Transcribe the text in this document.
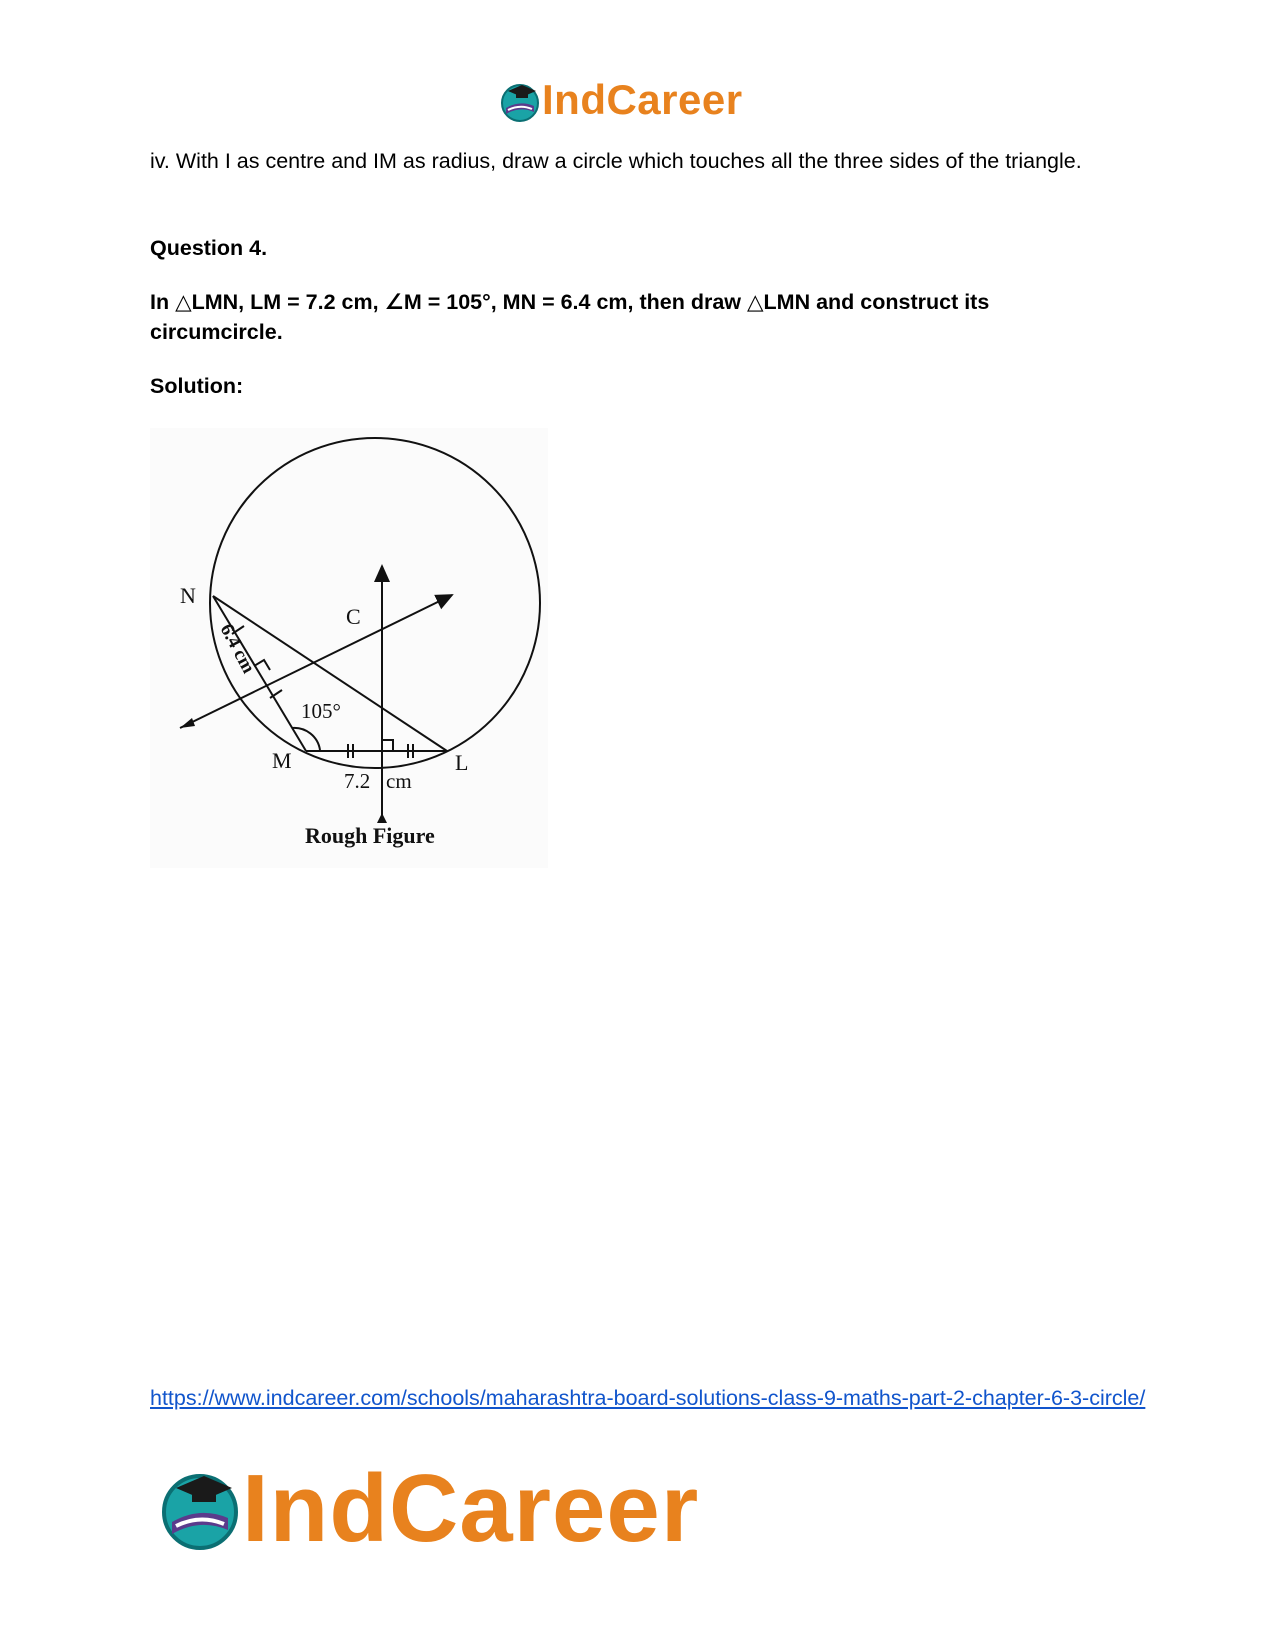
IndCareer
iv. With I as centre and IM as radius, draw a circle which touches all the three sides of the triangle.
Question 4.
In △LMN, LM = 7.2 cm, ∠M = 105°, MN = 6.4 cm, then draw △LMN and construct its circumcircle.
Solution:
N
C
M	L
105°
7.2 cm
6.4 cm
Rough Figure
https://www.indcareer.com/schools/maharashtra-board-solutions-class-9-maths-part-2-chapter-6-3-circle/
IndCareer
